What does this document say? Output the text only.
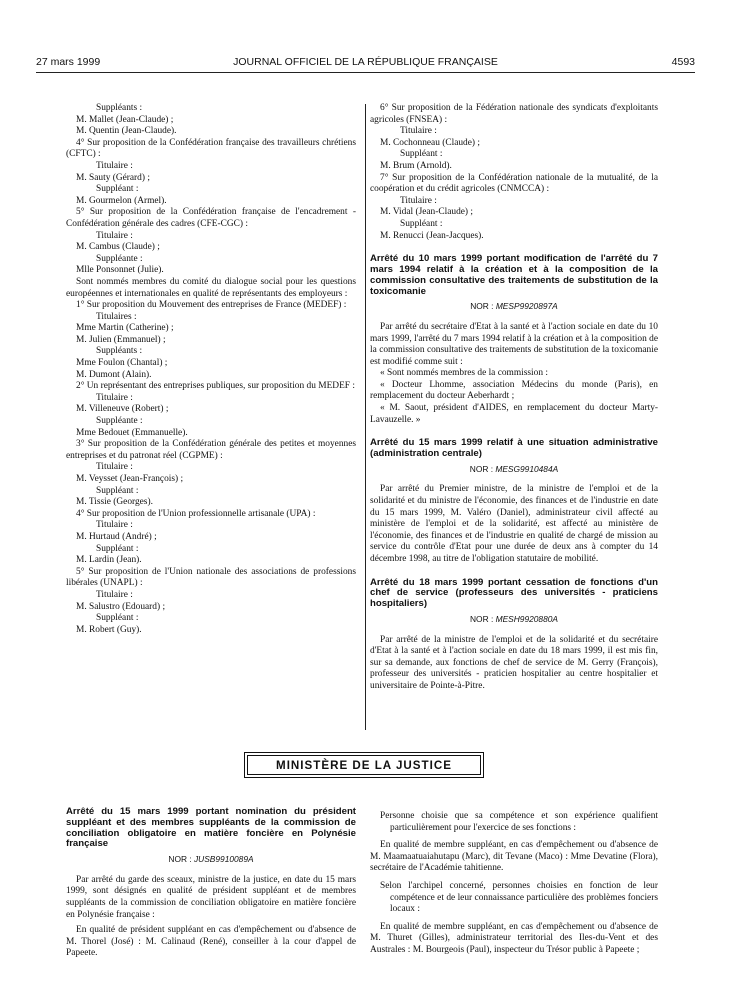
27 mars 1999	JOURNAL OFFICIEL DE LA RÉPUBLIQUE FRANÇAISE	4593

Suppléants :

M. Mallet (Jean-Claude) ;

M. Quentin (Jean-Claude).

4° Sur proposition de la Confédération française des travailleurs chrétiens (CFTC) :

Titulaire :

M. Sauty (Gérard) ;

Suppléant :

M. Gourmelon (Armel).

5° Sur proposition de la Confédération française de l'encadrement - Confédération générale des cadres (CFE-CGC) :

Titulaire :

M. Cambus (Claude) ;

Suppléante :

Mlle Ponsonnet (Julie).

Sont nommés membres du comité du dialogue social pour les questions européennes et internationales en qualité de représentants des employeurs :

1° Sur proposition du Mouvement des entreprises de France (MEDEF) :

Titulaires :

Mme Martin (Catherine) ;

M. Julien (Emmanuel) ;

Suppléants :

Mme Foulon (Chantal) ;

M. Dumont (Alain).

2° Un représentant des entreprises publiques, sur proposition du MEDEF :

Titulaire :

M. Villeneuve (Robert) ;

Suppléante :

Mme Bedouet (Emmanuelle).

3° Sur proposition de la Confédération générale des petites et moyennes entreprises et du patronat réel (CGPME) :

Titulaire :

M. Veysset (Jean-François) ;

Suppléant :

M. Tissie (Georges).

4° Sur proposition de l'Union professionnelle artisanale (UPA) :

Titulaire :

M. Hurtaud (André) ;

Suppléant :

M. Lardin (Jean).

5° Sur proposition de l'Union nationale des associations de professions libérales (UNAPL) :

Titulaire :

M. Salustro (Edouard) ;

Suppléant :

M. Robert (Guy).

6° Sur proposition de la Fédération nationale des syndicats d'exploitants agricoles (FNSEA) :

Titulaire :

M. Cochonneau (Claude) ;

Suppléant :

M. Brum (Arnold).

7° Sur proposition de la Confédération nationale de la mutualité, de la coopération et du crédit agricoles (CNMCCA) :

Titulaire :

M. Vidal (Jean-Claude) ;

Suppléant :

M. Renucci (Jean-Jacques).

Arrêté du 10 mars 1999 portant modification de l'arrêté du 7 mars 1994 relatif à la création et à la composition de la commission consultative des traitements de substitution de la toxicomanie

NOR : MESP9920897A

Par arrêté du secrétaire d'Etat à la santé et à l'action sociale en date du 10 mars 1999, l'arrêté du 7 mars 1994 relatif à la création et à la composition de la commission consultative des traitements de substitution de la toxicomanie est modifié comme suit :

« Sont nommés membres de la commission :

« Docteur Lhomme, association Médecins du monde (Paris), en remplacement du docteur Aeberhardt ;

« M. Saout, président d'AIDES, en remplacement du docteur Marty-Lavauzelle. »

Arrêté du 15 mars 1999 relatif à une situation administrative (administration centrale)

NOR : MESG9910484A

Par arrêté du Premier ministre, de la ministre de l'emploi et de la solidarité et du ministre de l'économie, des finances et de l'industrie en date du 15 mars 1999, M. Valéro (Daniel), administrateur civil affecté au ministère de l'emploi et de la solidarité, est affecté au ministère de l'économie, des finances et de l'industrie en qualité de chargé de mission au service du contrôle d'Etat pour une durée de deux ans à compter du 14 décembre 1998, au titre de l'obligation statutaire de mobilité.

Arrêté du 18 mars 1999 portant cessation de fonctions d'un chef de service (professeurs des universités - praticiens hospitaliers)

NOR : MESH9920880A

Par arrêté de la ministre de l'emploi et de la solidarité et du secrétaire d'Etat à la santé et à l'action sociale en date du 18 mars 1999, il est mis fin, sur sa demande, aux fonctions de chef de service de M. Gerry (François), professeur des universités - praticien hospitalier au centre hospitalier et universitaire de Pointe-à-Pitre.

MINISTÈRE DE LA JUSTICE

Arrêté du 15 mars 1999 portant nomination du président suppléant et des membres suppléants de la commission de conciliation obligatoire en matière foncière en Polynésie française

NOR : JUSB9910089A

Par arrêté du garde des sceaux, ministre de la justice, en date du 15 mars 1999, sont désignés en qualité de président suppléant et de membres suppléants de la commission de conciliation obligatoire en matière foncière en Polynésie française :

En qualité de président suppléant en cas d'empêchement ou d'absence de M. Thorel (José) : M. Calinaud (René), conseiller à la cour d'appel de Papeete.

Personne choisie que sa compétence et son expérience qualifient particulièrement pour l'exercice de ses fonctions :

En qualité de membre suppléant, en cas d'empêchement ou d'absence de M. Maamaatuaiahutapu (Marc), dit Tevane (Maco) : Mme Devatine (Flora), secrétaire de l'Académie tahitienne.

Selon l'archipel concerné, personnes choisies en fonction de leur compétence et de leur connaissance particulière des problèmes fonciers locaux :

En qualité de membre suppléant, en cas d'empêchement ou d'absence de M. Thuret (Gilles), administrateur territorial des Iles-du-Vent et des Australes : M. Bourgeois (Paul), inspecteur du Trésor public à Papeete ;
